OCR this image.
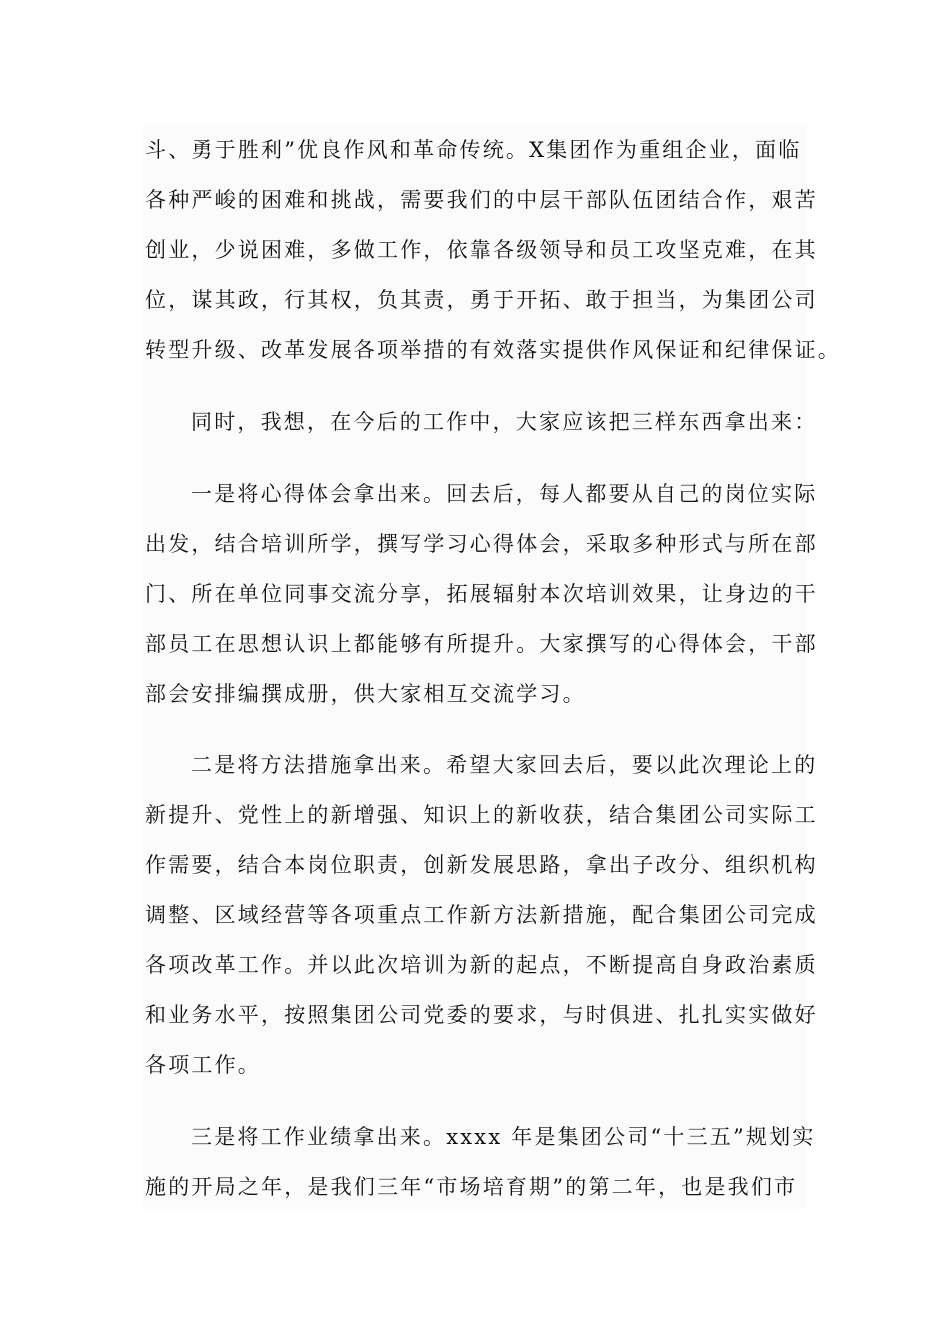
斗、勇于胜利”优良作风和革命传统。X集团作为重组企业，面临
各种严峻的困难和挑战，需要我们的中层干部队伍团结合作，艰苦
创业，少说困难，多做工作，依靠各级领导和员工攻坚克难，在其
位，谋其政，行其权，负其责，勇于开拓、敢于担当，为集团公司
转型升级、改革发展各项举措的有效落实提供作风保证和纪律保证。
同时，我想，在今后的工作中，大家应该把三样东西拿出来：
一是将心得体会拿出来。回去后，每人都要从自己的岗位实际
出发，结合培训所学，撰写学习心得体会，采取多种形式与所在部
门、所在单位同事交流分享，拓展辐射本次培训效果，让身边的干
部员工在思想认识上都能够有所提升。大家撰写的心得体会，干部
部会安排编撰成册，供大家相互交流学习。
二是将方法措施拿出来。希望大家回去后，要以此次理论上的
新提升、党性上的新增强、知识上的新收获，结合集团公司实际工
作需要，结合本岗位职责，创新发展思路，拿出子改分、组织机构
调整、区域经营等各项重点工作新方法新措施，配合集团公司完成
各项改革工作。并以此次培训为新的起点，不断提高自身政治素质
和业务水平，按照集团公司党委的要求，与时俱进、扎扎实实做好
各项工作。
三是将工作业绩拿出来。xxxx 年是集团公司“十三五”规划实
施的开局之年，是我们三年“市场培育期”的第二年，也是我们市
